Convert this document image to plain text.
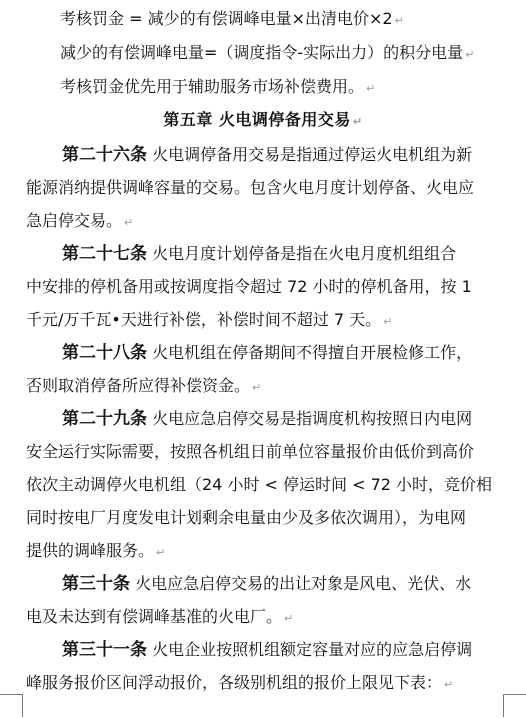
考核罚金 = 减少的有偿调峰电量×出清电价×2 ↵
减少的有偿调峰电量=（调度指令-实际出力）的积分电量 ↵
考核罚金优先用于辅助服务市场补偿费用。 ↵
第五章 火电调停备用交易 ↵
第二十六条 火电调停备用交易是指通过停运火电机组为新
能源消纳提供调峰容量的交易。包含火电月度计划停备、火电应
急启停交易。 ↵
第二十七条 火电月度计划停备是指在火电月度机组组合
中安排的停机备用或按调度指令超过 72 小时的停机备用，按 1
千元/万千瓦•天进行补偿，补偿时间不超过 7 天。 ↵
第二十八条 火电机组在停备期间不得擅自开展检修工作，
否则取消停备所应得补偿资金。 ↵
第二十九条 火电应急启停交易是指调度机构按照日内电网
安全运行实际需要，按照各机组日前单位容量报价由低价到高价
依次主动调停火电机组（24 小时 < 停运时间 < 72 小时，竞价相
同时按电厂月度发电计划剩余电量由少及多依次调用），为电网
提供的调峰服务。 ↵
第三十条 火电应急启停交易的出让对象是风电、光伏、水
电及未达到有偿调峰基准的火电厂。 ↵
第三十一条 火电企业按照机组额定容量对应的应急启停调
峰服务报价区间浮动报价，各级别机组的报价上限见下表： ↵
